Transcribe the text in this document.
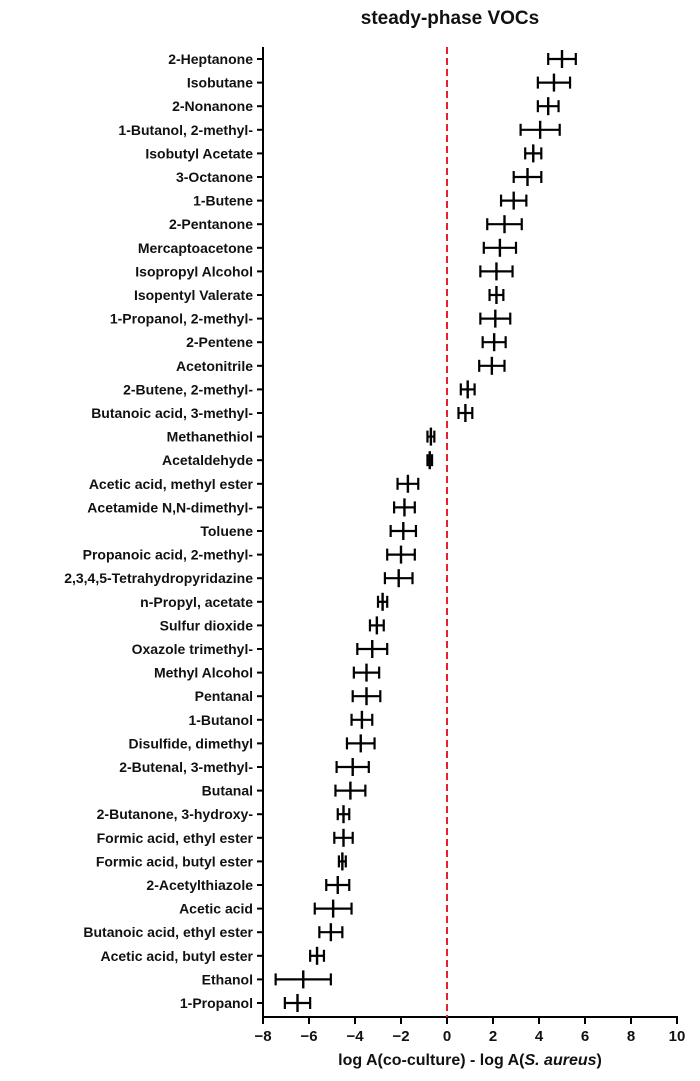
steady-phase VOCs
2-Heptanone
Isobutane
2-Nonanone
1-Butanol, 2-methyl-
Isobutyl Acetate
3-Octanone
1-Butene
2-Pentanone
Mercaptoacetone
Isopropyl Alcohol
Isopentyl Valerate
1-Propanol, 2-methyl-
2-Pentene
Acetonitrile
2-Butene, 2-methyl-
Butanoic acid, 3-methyl-
Methanethiol
Acetaldehyde
Acetic acid, methyl ester
Acetamide N,N-dimethyl-
Toluene
Propanoic acid, 2-methyl-
2,3,4,5-Tetrahydropyridazine
n-Propyl, acetate
Sulfur dioxide
Oxazole trimethyl-
Methyl Alcohol
Pentanal
1-Butanol
Disulfide, dimethyl
2-Butenal, 3-methyl-
Butanal
2-Butanone, 3-hydroxy-
Formic acid, ethyl ester
Formic acid, butyl ester
2-Acetylthiazole
Acetic acid
Butanoic acid, ethyl ester
Acetic acid, butyl ester
Ethanol
1-Propanol
−8 −6 −4 −2 0	2	4	6	8 10
log A(co-culture) - log A(S. aureus)
